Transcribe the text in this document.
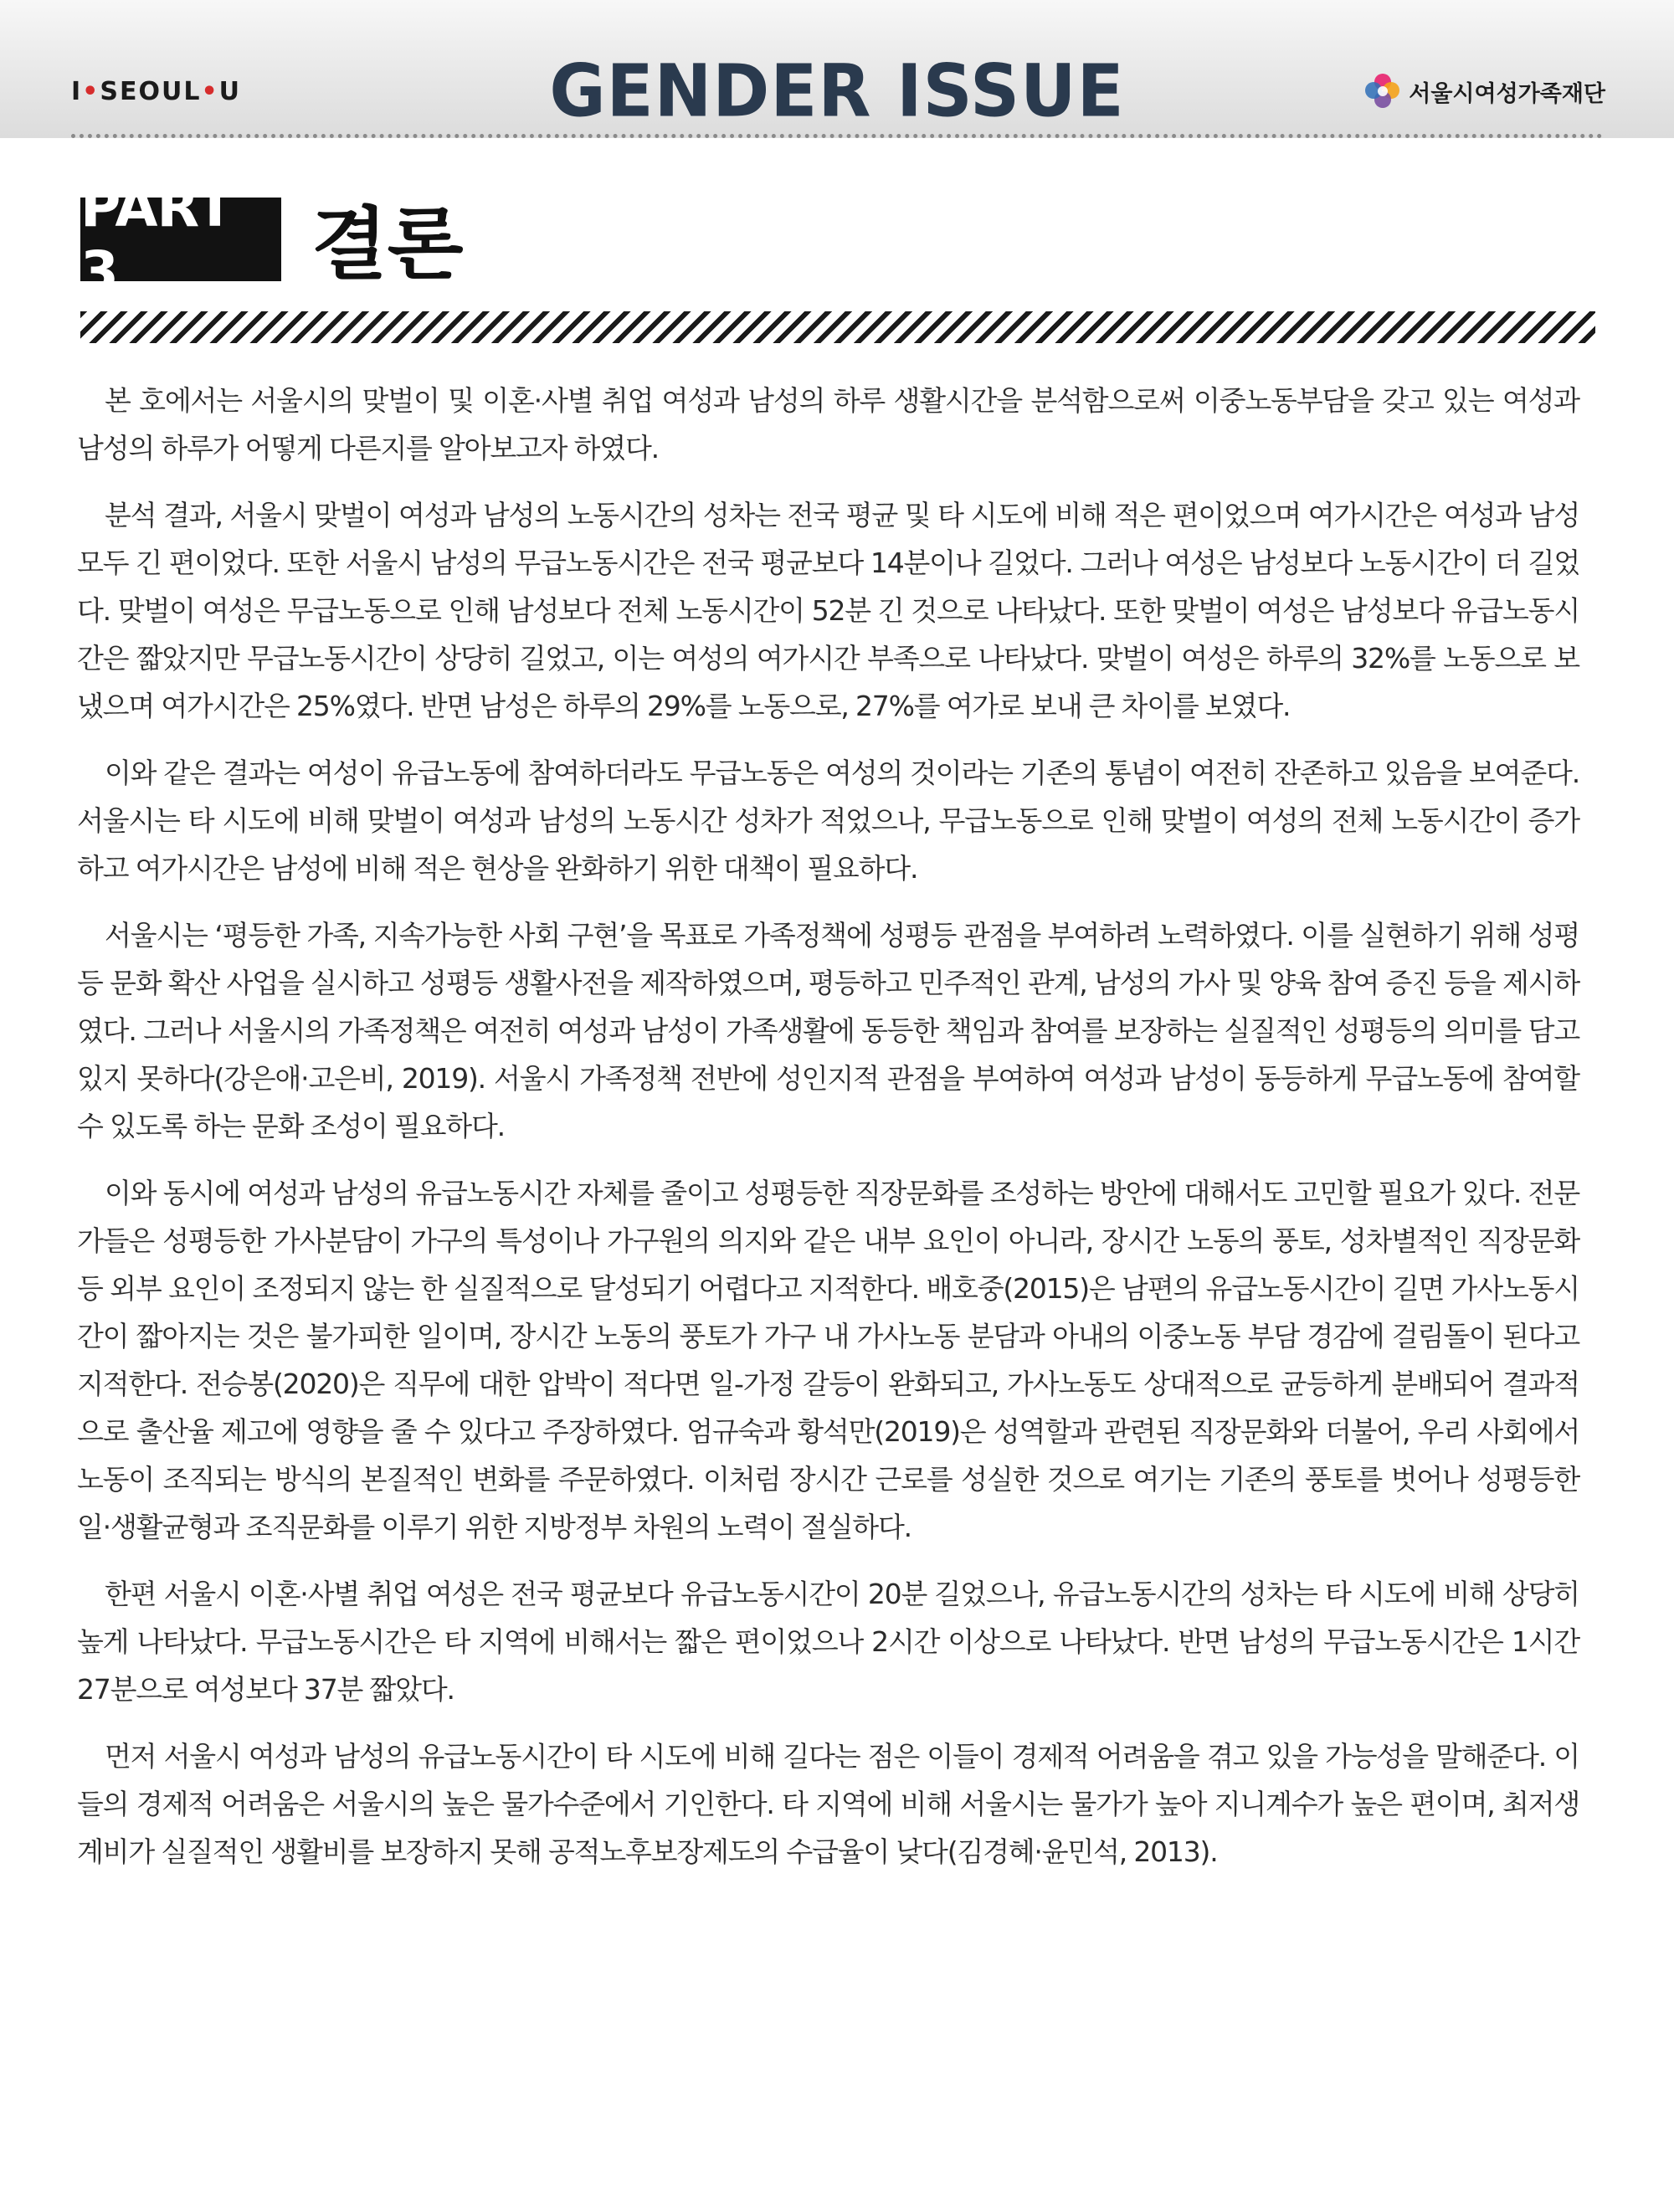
I•SEOUL•U	GENDER ISSUE	서울시여성가족재단
PART 3	결론

본 호에서는 서울시의 맞벌이 및 이혼·사별 취업 여성과 남성의 하루 생활시간을 분석함으로써 이중노동부담을 갖고 있는 여성과 남성의 하루가 어떻게 다른지를 알아보고자 하였다.

분석 결과, 서울시 맞벌이 여성과 남성의 노동시간의 성차는 전국 평균 및 타 시도에 비해 적은 편이었으며 여가시간은 여성과 남성 모두 긴 편이었다. 또한 서울시 남성의 무급노동시간은 전국 평균보다 14분이나 길었다. 그러나 여성은 남성보다 노동시간이 더 길었다. 맞벌이 여성은 무급노동으로 인해 남성보다 전체 노동시간이 52분 긴 것으로 나타났다. 또한 맞벌이 여성은 남성보다 유급노동시간은 짧았지만 무급노동시간이 상당히 길었고, 이는 여성의 여가시간 부족으로 나타났다. 맞벌이 여성은 하루의 32%를 노동으로 보냈으며 여가시간은 25%였다. 반면 남성은 하루의 29%를 노동으로, 27%를 여가로 보내 큰 차이를 보였다.

이와 같은 결과는 여성이 유급노동에 참여하더라도 무급노동은 여성의 것이라는 기존의 통념이 여전히 잔존하고 있음을 보여준다. 서울시는 타 시도에 비해 맞벌이 여성과 남성의 노동시간 성차가 적었으나, 무급노동으로 인해 맞벌이 여성의 전체 노동시간이 증가하고 여가시간은 남성에 비해 적은 현상을 완화하기 위한 대책이 필요하다.

서울시는 ‘평등한 가족, 지속가능한 사회 구현’을 목표로 가족정책에 성평등 관점을 부여하려 노력하였다. 이를 실현하기 위해 성평등 문화 확산 사업을 실시하고 성평등 생활사전을 제작하였으며, 평등하고 민주적인 관계, 남성의 가사 및 양육 참여 증진 등을 제시하였다. 그러나 서울시의 가족정책은 여전히 여성과 남성이 가족생활에 동등한 책임과 참여를 보장하는 실질적인 성평등의 의미를 담고 있지 못하다(강은애·고은비, 2019). 서울시 가족정책 전반에 성인지적 관점을 부여하여 여성과 남성이 동등하게 무급노동에 참여할 수 있도록 하는 문화 조성이 필요하다.

이와 동시에 여성과 남성의 유급노동시간 자체를 줄이고 성평등한 직장문화를 조성하는 방안에 대해서도 고민할 필요가 있다. 전문가들은 성평등한 가사분담이 가구의 특성이나 가구원의 의지와 같은 내부 요인이 아니라, 장시간 노동의 풍토, 성차별적인 직장문화 등 외부 요인이 조정되지 않는 한 실질적으로 달성되기 어렵다고 지적한다. 배호중(2015)은 남편의 유급노동시간이 길면 가사노동시간이 짧아지는 것은 불가피한 일이며, 장시간 노동의 풍토가 가구 내 가사노동 분담과 아내의 이중노동 부담 경감에 걸림돌이 된다고 지적한다. 전승봉(2020)은 직무에 대한 압박이 적다면 일-가정 갈등이 완화되고, 가사노동도 상대적으로 균등하게 분배되어 결과적으로 출산율 제고에 영향을 줄 수 있다고 주장하였다. 엄규숙과 황석만(2019)은 성역할과 관련된 직장문화와 더불어, 우리 사회에서 노동이 조직되는 방식의 본질적인 변화를 주문하였다. 이처럼 장시간 근로를 성실한 것으로 여기는 기존의 풍토를 벗어나 성평등한 일·생활균형과 조직문화를 이루기 위한 지방정부 차원의 노력이 절실하다.

한편 서울시 이혼·사별 취업 여성은 전국 평균보다 유급노동시간이 20분 길었으나, 유급노동시간의 성차는 타 시도에 비해 상당히 높게 나타났다. 무급노동시간은 타 지역에 비해서는 짧은 편이었으나 2시간 이상으로 나타났다. 반면 남성의 무급노동시간은 1시간 27분으로 여성보다 37분 짧았다.

먼저 서울시 여성과 남성의 유급노동시간이 타 시도에 비해 길다는 점은 이들이 경제적 어려움을 겪고 있을 가능성을 말해준다. 이들의 경제적 어려움은 서울시의 높은 물가수준에서 기인한다. 타 지역에 비해 서울시는 물가가 높아 지니계수가 높은 편이며, 최저생계비가 실질적인 생활비를 보장하지 못해 공적노후보장제도의 수급율이 낮다(김경혜·윤민석, 2013).
